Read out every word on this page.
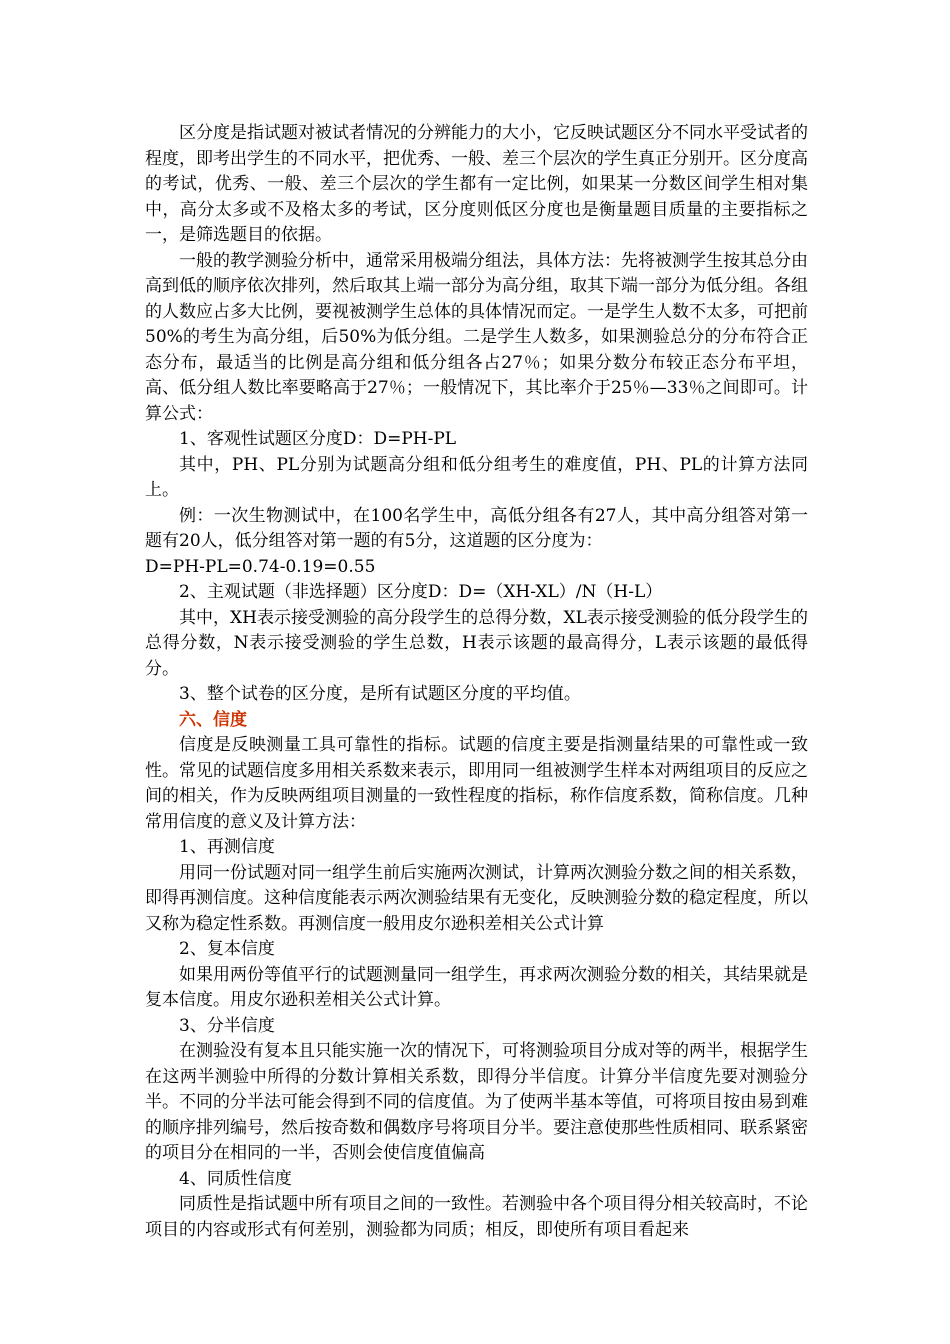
区分度是指试题对被试者情况的分辨能力的大小，它反映试题区分不同水平受试者的程度，即考出学生的不同水平，把优秀、一般、差三个层次的学生真正分别开。区分度高的考试，优秀、一般、差三个层次的学生都有一定比例，如果某一分数区间学生相对集中，高分太多或不及格太多的考试，区分度则低区分度也是衡量题目质量的主要指标之一，是筛选题目的依据。

一般的教学测验分析中，通常采用极端分组法，具体方法：先将被测学生按其总分由高到低的顺序依次排列，然后取其上端一部分为高分组，取其下端一部分为低分组。各组的人数应占多大比例，要视被测学生总体的具体情况而定。一是学生人数不太多，可把前50%的考生为高分组，后50%为低分组。二是学生人数多，如果测验总分的分布符合正态分布，最适当的比例是高分组和低分组各占27％；如果分数分布较正态分布平坦，高、低分组人数比率要略高于27％；一般情况下，其比率介于25％—33％之间即可。计算公式：

1、客观性试题区分度D：D=PH-PL

其中，PH、PL分别为试题高分组和低分组考生的难度值，PH、PL的计算方法同上。

例：一次生物测试中，在100名学生中，高低分组各有27人，其中高分组答对第一题有20人，低分组答对第一题的有5分，这道题的区分度为：

D=PH-PL=0.74-0.19=0.55

2、主观试题（非选择题）区分度D：D=（XH-XL）/N（H-L）

其中，XH表示接受测验的高分段学生的总得分数，XL表示接受测验的低分段学生的总得分数，N表示接受测验的学生总数，H表示该题的最高得分，L表示该题的最低得分。

3、整个试卷的区分度，是所有试题区分度的平均值。

六、信度

信度是反映测量工具可靠性的指标。试题的信度主要是指测量结果的可靠性或一致性。常见的试题信度多用相关系数来表示，即用同一组被测学生样本对两组项目的反应之间的相关，作为反映两组项目测量的一致性程度的指标，称作信度系数，简称信度。几种常用信度的意义及计算方法：

1、再测信度

用同一份试题对同一组学生前后实施两次测试，计算两次测验分数之间的相关系数，即得再测信度。这种信度能表示两次测验结果有无变化，反映测验分数的稳定程度，所以又称为稳定性系数。再测信度一般用皮尔逊积差相关公式计算

2、复本信度

如果用两份等值平行的试题测量同一组学生，再求两次测验分数的相关，其结果就是复本信度。用皮尔逊积差相关公式计算。

3、分半信度

在测验没有复本且只能实施一次的情况下，可将测验项目分成对等的两半，根据学生在这两半测验中所得的分数计算相关系数，即得分半信度。计算分半信度先要对测验分半。不同的分半法可能会得到不同的信度值。为了使两半基本等值，可将项目按由易到难的顺序排列编号，然后按奇数和偶数序号将项目分半。要注意使那些性质相同、联系紧密的项目分在相同的一半，否则会使信度值偏高

4、同质性信度

同质性是指试题中所有项目之间的一致性。若测验中各个项目得分相关较高时，不论项目的内容或形式有何差别，测验都为同质；相反，即使所有项目看起来
